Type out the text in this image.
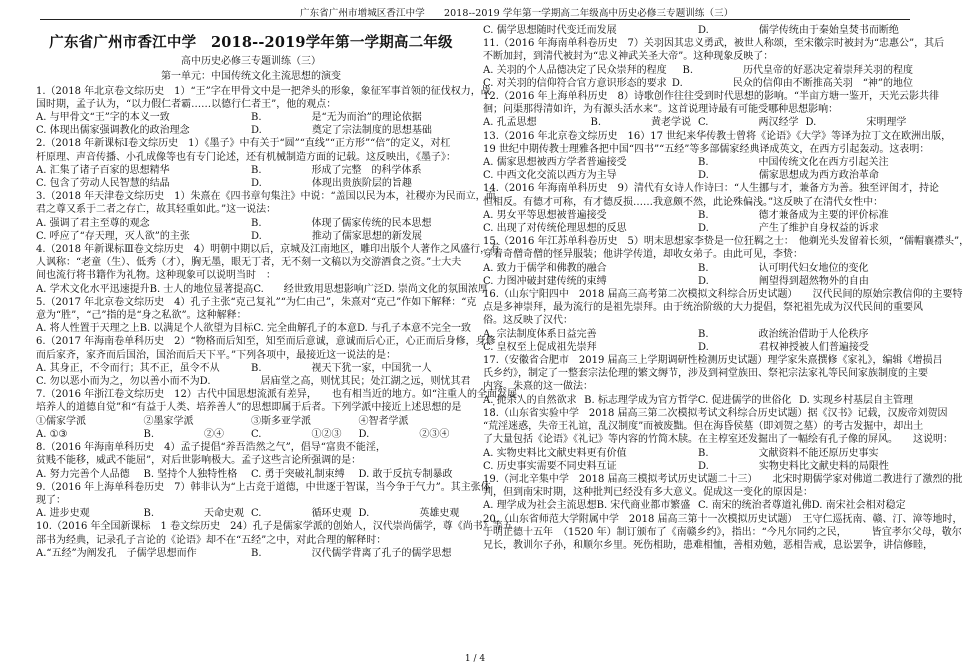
广东省广州市增城区香江中学　　2018--2019 学年第一学期高二年级高中历史必修三专题训练（三）
广东省广州市香江中学　2018--2019学年第一学期高二年级
高中历史必修三专题训练（三）
第一单元：中国传统文化主流思想的演变
1.（2018 年北京卷文综历史　1）“王”字在甲骨文中是一把斧头的形象，象征军事首领的征伐权力，战
国时期，孟子认为，“以力假仁者霸……以德行仁者王”，他的观点：
A. 与甲骨文“王”字的本义一致	B.　　　　　是“无为而治”的理论依据
C. 体现出儒家强调教化的政治理念	D.　　　　　奠定了宗法制度的思想基础
2.（2018 年新课标Ⅰ卷文综历史　1）《墨子》中有关于“圆”“直线”“正方形”“倍”的定义，对杠
杆原理、声音传播、小孔成像等也有专门论述，还有机械制造方面的记载。这反映出，《墨子》：
A. 汇集了诸子百家的思想精华	B.　　　　　形成了完整　的科学体系
C. 包含了劳动人民智慧的结晶	D.　　　　　体现出贵族阶层的旨趣
3.（2018 年天津卷文综历史　1）朱熹在《四书章句集注》中说：“盖国以民为本，社稷亦为民而立，而
君之尊又系于二者之存亡，故其轻重如此。”这一说法：
A. 强调了君主至尊的观念	B.　　　　　体现了儒家传统的民本思想
C. 呼应了“存天理，灭人欲”的主张	D.　　　　　推动了儒家思想的新发展
4.（2018 年新课标Ⅲ卷文综历史　4）明朝中期以后，京城及江南地区，雕印出版个人著作之风盛行，有
人讽称：“老童（生）、低秀（才），胸无墨，眼无丁者，无不刻一文稿以为交游酒食之资。”士大夫
间也流行将书籍作为礼物。这种现象可以说明当时　：
A. 学术文化水平迅速提升 B. 士人的地位显著提高 C.　　经世致用思想影响广泛 D. 崇尚文化的氛围浓厚
5.（2017 年北京卷文综历史　4）孔子主张“克己复礼”“为仁由己”，朱熹对“克己”作如下解释：“克
意为“胜”，“己”指的是“身之私欲”。这种解释：
A. 将人性置于天理之上 B. 以满足个人欲望为目标 C. 完全曲解孔子的本意 D. 与孔子本意不完全一致
6.（2017 年海南卷单科历史　2）“物格而后知至，知至而后意诚，意诚而后心正，心正而后身修，身修
而后家齐，家齐而后国治，国治而后天下平。”下列各项中，最接近这一说法的是：
A. 其身正，不令而行；其不正，虽令不从	B.　　　　　视天下犹一家，中国犹一人
C. 勿以恶小而为之，勿以善小而不为 D.　　　　　居庙堂之高，则忧其民；处江湖之远，则忧其君
7.（2016 年浙江卷文综历史　12）古代中国思想流派有差异，　　也有相当近的地方。如“注重人的全面发展、
培养人的道德自觉”和“有益于人类、培养善人”的思想即属于后者。下列学派中接近上述思想的是　　　：
①儒家学派	②墨家学派	③斯多亚学派	④智者学派
A. ①③	B.　　　　　②④	C.　　　　　①②③	D.　　　　　②③④
8.（2016 年海南单科历史　4）孟子提倡“养吾浩然之气”，倡导“富贵不能淫，
贫贱不能移，威武不能屈”，对后世影响极大。孟子这些言论所强调的是：
A. 努力完善个人品德	B. 坚持个人独特性格	C. 勇于突破礼制束缚	D. 敢于反抗专制暴政
9.（2016 年上海单科卷历史　7）韩非认为“上古竞于道德，中世逐于智谋，当今争于气力”。其主张体
现了：
A. 进步史观	B.　　　　　天命史观 C.　　　　　循环史观 D.　　　　　英雄史观
10.（2016 年全国新课标　1 卷文综历史　24）孔子是儒家学派的创始人，汉代崇尚儒学，尊《尚书》等五
部书为经典，记录孔子言论的《论语》却不在“五经”之中，对此合理的解释时：
A.“五经”为阐发孔　子儒学思想而作	B.　　　　　汉代儒学背离了孔子的儒学思想
C. 儒学思想随时代变迁而发展	D.　　　　　儒学传统由于秦始皇焚书而断绝
11.（2016 年海南单科卷历史　7）关羽因其忠义勇武，被世人称颂，至宋徽宗时被封为“忠惠公”，其后
不断加封，到清代被封为“忠义神武关圣大帝”。这种现象反映了：
A. 关羽的个人品德决定了民众崇拜的程度	B.　　　　　历代皇帝的好恶决定着崇拜关羽的程度
C. 对关羽的信仰符合官方意识形态的要求 D.　　　　　民众的信仰由不断推高关羽　“神”的地位
12.（2016 年上海单科历史　8）诗歌创作往往受到时代思想的影响。“半亩方塘一鉴开，天光云影共徘
徊；问渠那得清如许，为有源头活水来”。这首说理诗最有可能受哪种思想影响：
A. 孔孟思想	B.　　　　　黄老学说 C.　　　　　两汉经学 D.　　　　　宋明理学
13.（2016 年北京卷文综历史　16）17 世纪来华传教士曾将《论语》《大学》等译为拉丁文在欧洲出版，
19 世纪中期传教士理雅各把中国“四书”“五经”等多部儒家经典译成英文，在西方引起轰动。这表明：
A. 儒家思想被西方学者普遍接受	B.　　　　　中国传统文化在西方引起关注
C. 中西文化交流以西方为主导	D.　　　　　儒家思想成为西方政治革命
14.（2016 年海南单科历史　9）清代有女诗人作诗曰：“人生挪与才，兼备方为善。独至评闺才，持论
恒相反。有德才可称，有才德反损……我意颇不然，此论殊偏浅。”这反映了在清代女性中：
A. 男女平等思想被普遍接受	B.　　　　　德才兼备成为主要的评价标准
C. 出现了对传统伦理思想的反思	D.　　　　　产生了维护自身权益的诉求
15.（2016 年江苏单科卷历史　5）明末思想家李贽是一位狂羁之士：　他剃光头发留着长须，“儒帽襄襟头”，
穿着奇僧奇僧的怪异服装；他讲学传道，却收女弟子。由此可见，李贽：
A. 致力于儒学和佛教的融合	B.　　　　　认可明代妇女地位的变化
C. 力图冲破封建传统的束缚	D.　　　　　阐望得到超然物外的自由
16.（山东宁阳四中　2018 届高三高考第二次模拟文科综合历史试题）　　汉代民间的原始宗教信仰的主要特
点是多神崇拜，最为流行的是祖先崇拜。由于统治阶级的大力提倡，祭祀祖先成为汉代民间的重要风
俗。这反映了汉代：
A. 宗法制度体系日益完善	B.　　　　　政治统治借助于人伦秩序
C. 皇权至上促成祖先崇拜	D.　　　　　君权神授被人们普遍接受
17.（安徽省合肥市　2019 届高三上学期调研性检测历史试题）理学家朱熹撰修《家礼》，编辑《增损吕
氏乡约》，制定了一整套宗法伦理的繁文缛节，涉及到祠堂族田、祭祀宗法家礼等民间家族制度的主要
内容。朱熹的这一做法：
A. 扼杀人的自然欲求 B. 标志理学成为官方哲学 C. 促进儒学的世俗化 D. 实现乡村基层自主管理
18.（山东省实验中学　2018 届高三第二次模拟考试文科综合历史试题）据《汉书》记载，汉废帝刘贺因
“荒淫迷惑，失帝王礼谊，乱汉制度”而被废黜。但在海昏侯墓（即刘贺之墓）的考古发掘中，却出土
了大量包括《论语》《礼记》等内容的竹简木牍。在主椁室还发掘出了一幅绘有孔子像的屏风。　　这说明：
A. 实物史料比文献史料更有价值	B.　　　　　文献资料不能还原历史事实
C. 历史事实需要不同史料互证	D.　　　　　实物史料比文献史料的局限性
19.（河北辛集中学　2018 届高三模拟考试历史试题二十三）　　北宋时期儒学家对佛道二教进行了激烈的批
判，但到南宋时期，这种批判已经没有多大意义。促成这一变化的原因是：
A. 理学成为社会主流思想 B. 宋代商业都市繁盛 C. 南宋的统治者尊道礼佛 D. 南宋社会相对稳定
20.（山东省师范大学附属中学　2018 届高三第十一次模拟历史试题）　王守仁巡抚南、赣、汀、漳等地时，
于明正德十五年　（1520 年）制订颁布了《南赣乡约》，指出：“今凡尔同约之民，　　　皆宜孝尔父母，敬尔
兄长，教训尔子孙，和顺尔乡里。死伤相助，患难相恤，善相劝勉，恶相告戒，息讼罢争，讲信修睦，
1 / 4
